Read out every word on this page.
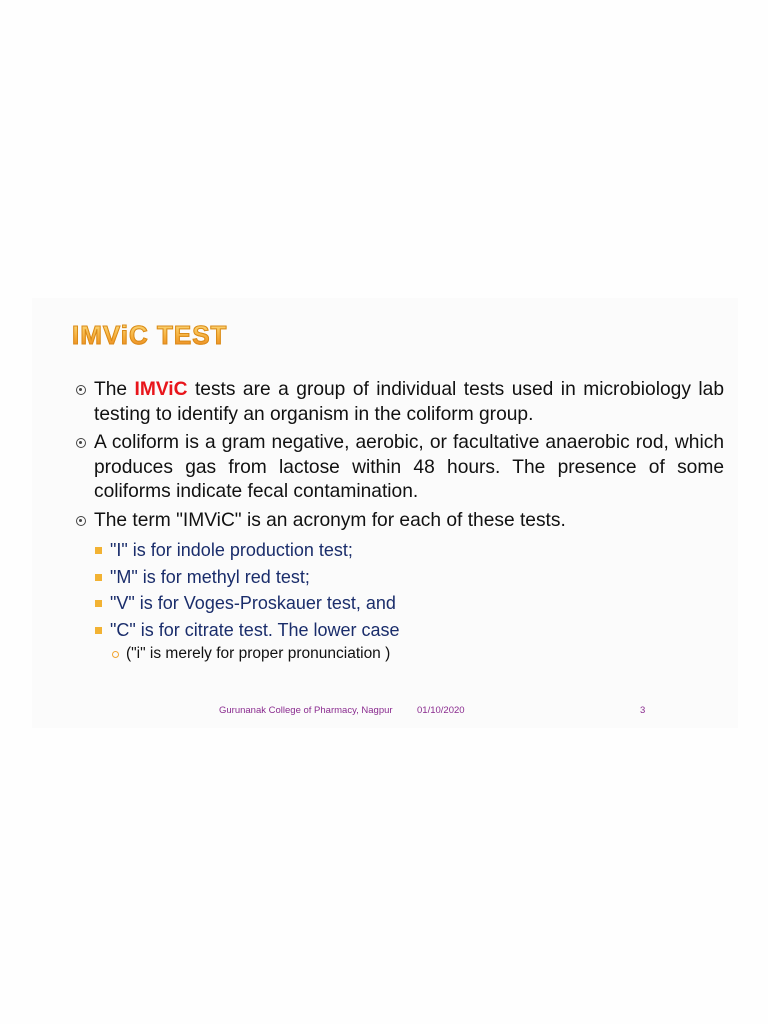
IMViC TEST
The IMViC tests are a group of individual tests used in microbiology lab testing to identify an organism in the coliform group.
A coliform is a gram negative, aerobic, or facultative anaerobic rod, which produces gas from lactose within 48 hours. The presence of some coliforms indicate fecal contamination.
The term "IMViC" is an acronym for each of these tests.
"I" is for indole production test;
"M" is for methyl red test;
"V" is for Voges-Proskauer test, and
"C" is for citrate test. The lower case
("i" is merely for proper pronunciation )
Gurunanak College of Pharmacy, Nagpur	01/10/2020	3
